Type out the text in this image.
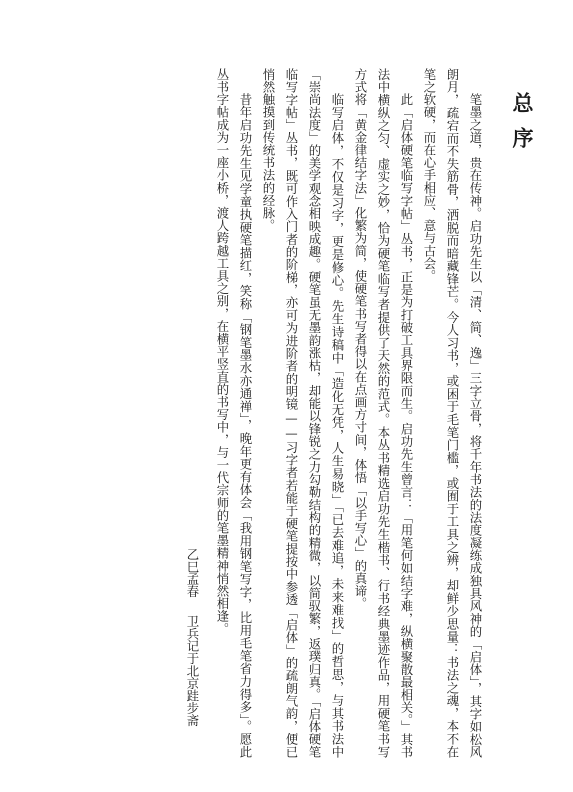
总序

笔墨之道，贵在传神。启功先生以「清、简、逸」三字立骨，将千年书法的法度凝练成独具风神的「启体」，其字如松风朗月，疏宕而不失筋骨，洒脱而暗藏锋芒。今人习书，或困于毛笔门槛，或囿于工具之辨，却鲜少思量：书法之魂，本不在笔之软硬，而在心手相应、意与古会。

此「启体硬笔临写字帖」丛书，正是为打破工具界限而生。启功先生曾言：「用笔何如结字难，纵横聚散最相关。」其书法中横纵之匀、虚实之妙，恰为硬笔临写者提供了天然的范式。本丛书精选启功先生楷书、行书经典墨迹作品，用硬笔书写方式将「黄金律结字法」化繁为简，使硬笔书写者得以在点画方寸间，体悟「以手写心」的真谛。

临写启体，不仅是习字，更是修心。先生诗稿中「造化无凭，人生易晓」「已去难追，未来难找」的哲思，与其书法中「崇尚法度」的美学观念相映成趣。硬笔虽无墨韵涨枯，却能以锋锐之力勾勒结构的精微，以简驭繁，返璞归真。「启体硬笔临写字帖」丛书，既可作入门者的阶梯，亦可为进阶者的明镜——习字者若能于硬笔提按中参透「启体」的疏朗气韵，便已悄然触摸到传统书法的经脉。

昔年启功先生见学童执硬笔描红，笑称「钢笔墨水亦通禅」，晚年更有体会「我用钢笔写字，比用毛笔省力得多」。愿此丛书字帖成为一座小桥，渡人跨越工具之别，在横平竖直的书写中，与一代宗师的笔墨精神悄然相逢。

乙巳孟春卫兵记于北京跬步斋
